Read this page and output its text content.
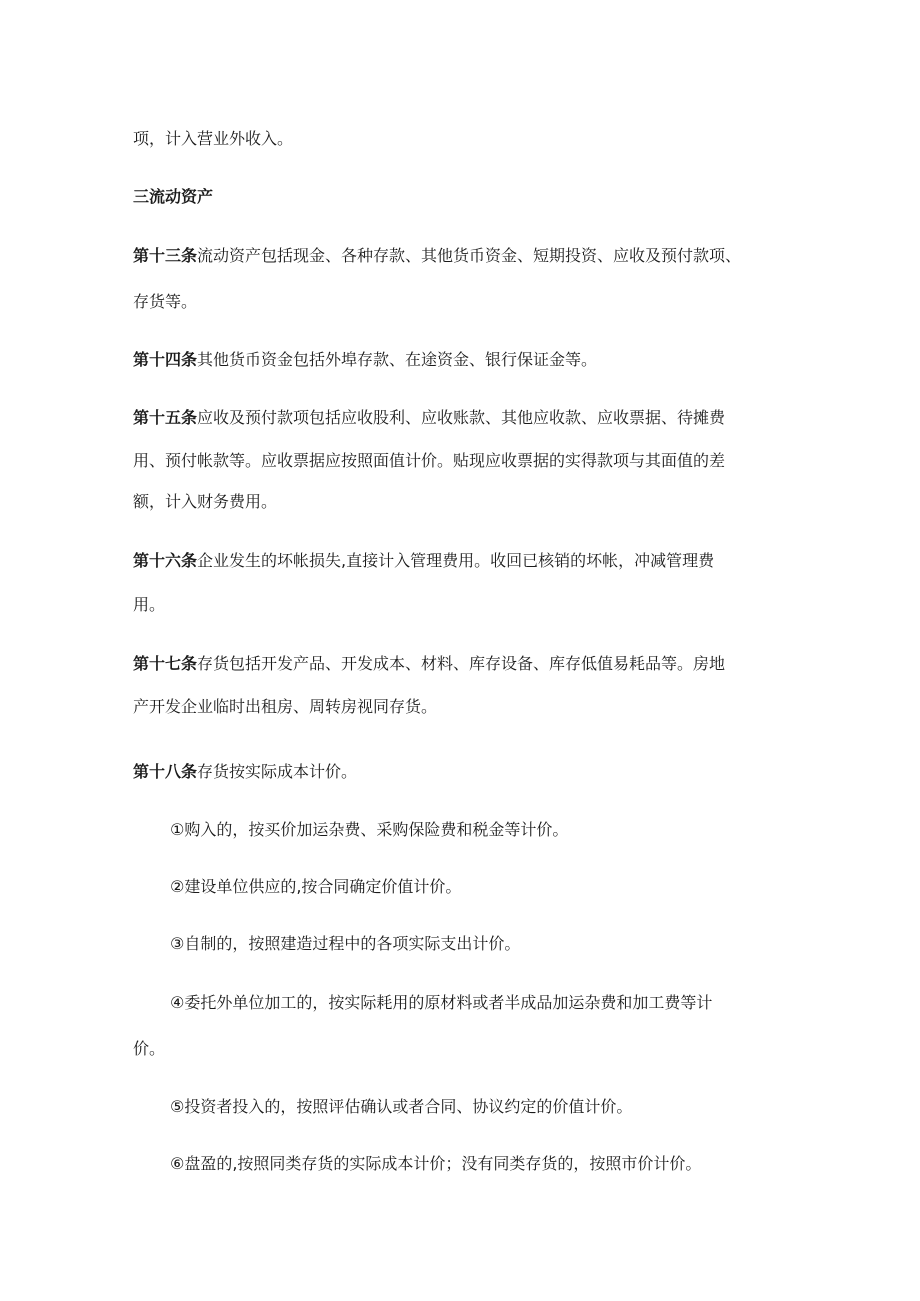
项，计入营业外收入。
三流动资产
第十三条流动资产包括现金、各种存款、其他货币资金、短期投资、应收及预付款项、
存货等。
第十四条其他货币资金包括外埠存款、在途资金、银行保证金等。
第十五条应收及预付款项包括应收股利、应收账款、其他应收款、应收票据、待摊费
用、预付帐款等。应收票据应按照面值计价。贴现应收票据的实得款项与其面值的差
额，计入财务费用。
第十六条企业发生的坏帐损失,直接计入管理费用。收回已核销的坏帐，冲减管理费
用。
第十七条存货包括开发产品、开发成本、材料、库存设备、库存低值易耗品等。房地
产开发企业临时出租房、周转房视同存货。
第十八条存货按实际成本计价。
①购入的，按买价加运杂费、采购保险费和税金等计价。
②建设单位供应的,按合同确定价值计价。
③自制的，按照建造过程中的各项实际支出计价。
④委托外单位加工的，按实际耗用的原材料或者半成品加运杂费和加工费等计
价。
⑤投资者投入的，按照评估确认或者合同、协议约定的价值计价。
⑥盘盈的,按照同类存货的实际成本计价；没有同类存货的，按照市价计价。
